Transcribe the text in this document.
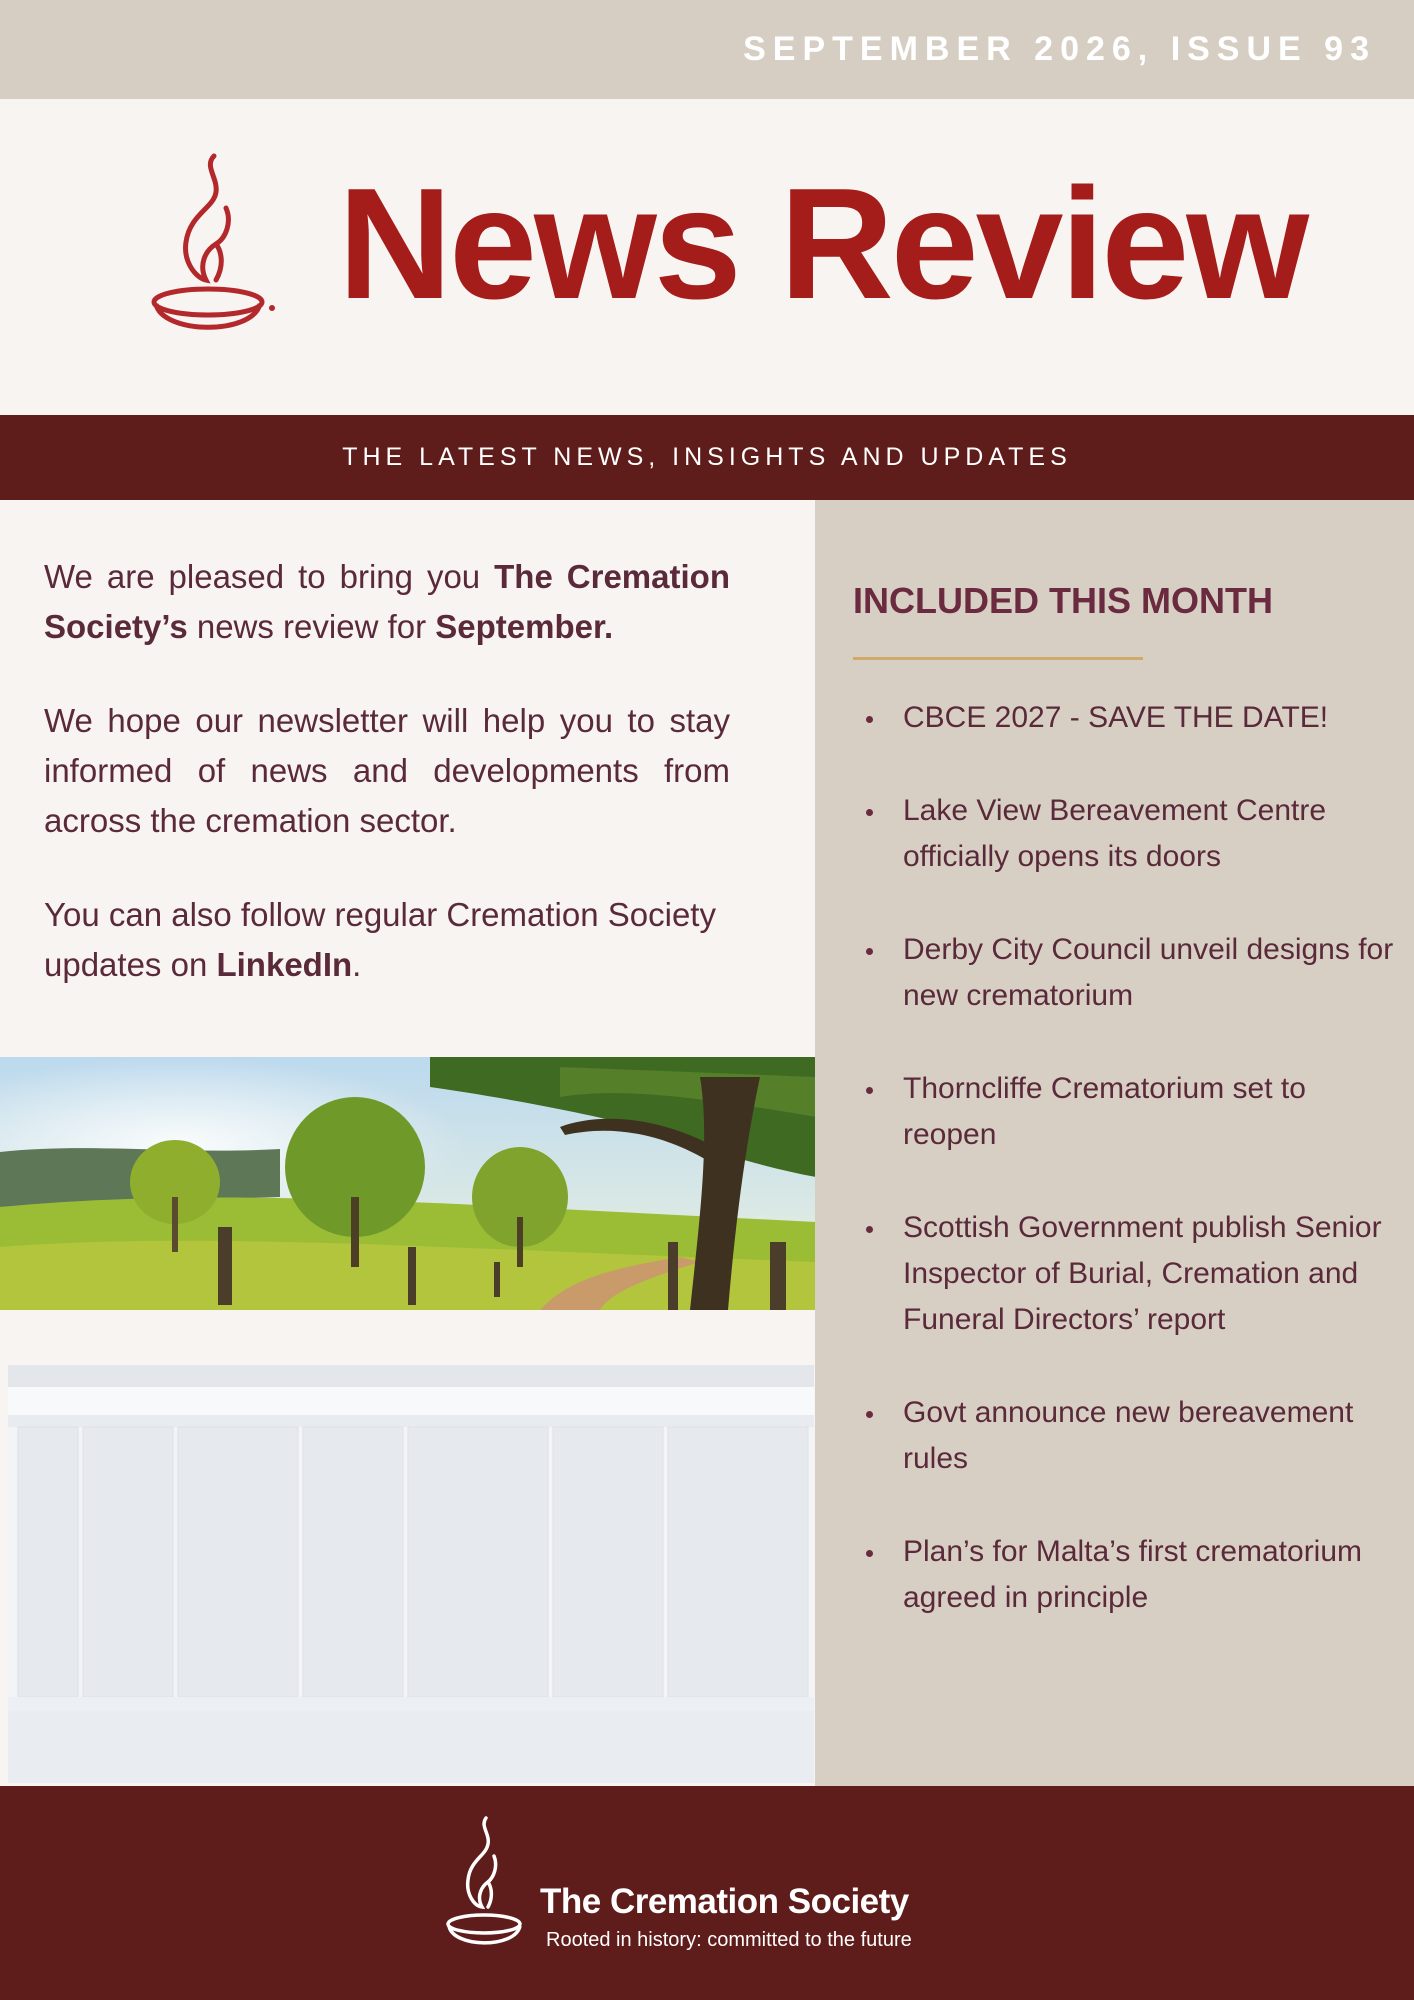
SEPTEMBER 2026, ISSUE 93
News Review
THE LATEST NEWS, INSIGHTS AND UPDATES

We are pleased to bring you The Cremation Society’s news review for September.

We hope our newsletter will help you to stay informed of news and developments from across the cremation sector.

You can also follow regular Cremation Society updates on LinkedIn.

INCLUDED THIS MONTH
• CBCE 2027 - SAVE THE DATE!
• Lake View Bereavement Centre officially opens its doors
• Derby City Council unveil designs for new crematorium
• Thorncliffe Crematorium set to reopen
• Scottish Government publish Senior Inspector of Burial, Cremation and Funeral Directors’ report
• Govt announce new bereavement rules
• Plan’s for Malta’s first crematorium agreed in principle
The Cremation Society
Rooted in history: committed to the future
